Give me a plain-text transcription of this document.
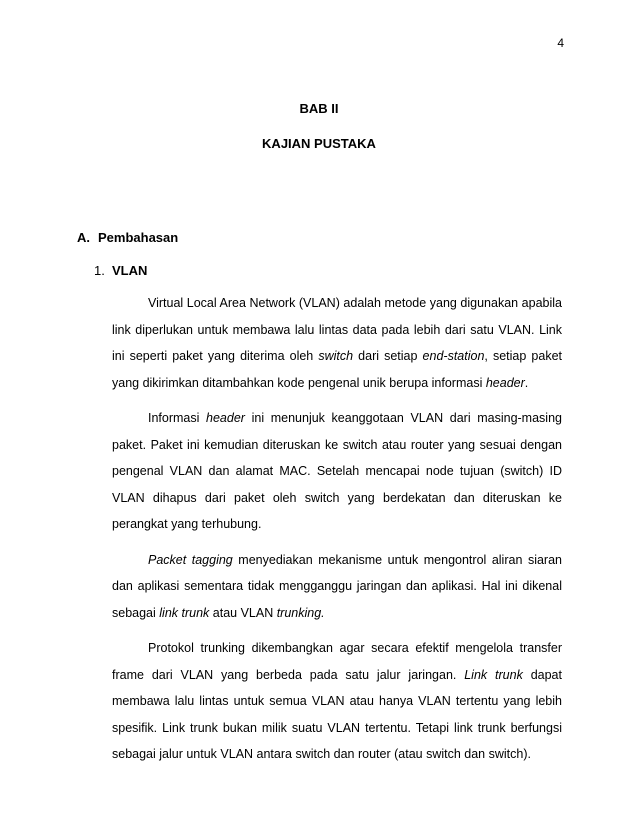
4
BAB II
KAJIAN PUSTAKA
A. Pembahasan
1. VLAN

Virtual Local Area Network (VLAN) adalah metode yang digunakan apabila link diperlukan untuk membawa lalu lintas data pada lebih dari satu VLAN. Link ini seperti paket yang diterima oleh switch dari setiap end-station, setiap paket yang dikirimkan ditambahkan kode pengenal unik berupa informasi header.

Informasi header ini menunjuk keanggotaan VLAN dari masing-masing paket. Paket ini kemudian diteruskan ke switch atau router yang sesuai dengan pengenal VLAN dan alamat MAC. Setelah mencapai node tujuan (switch) ID VLAN dihapus dari paket oleh switch yang berdekatan dan diteruskan ke perangkat yang terhubung.

Packet tagging menyediakan mekanisme untuk mengontrol aliran siaran dan aplikasi sementara tidak mengganggu jaringan dan aplikasi. Hal ini dikenal sebagai link trunk atau VLAN trunking.

Protokol trunking dikembangkan agar secara efektif mengelola transfer frame dari VLAN yang berbeda pada satu jalur jaringan. Link trunk dapat membawa lalu lintas untuk semua VLAN atau hanya VLAN tertentu yang lebih spesifik. Link trunk bukan milik suatu VLAN tertentu. Tetapi link trunk berfungsi sebagai jalur untuk VLAN antara switch dan router (atau switch dan switch).
